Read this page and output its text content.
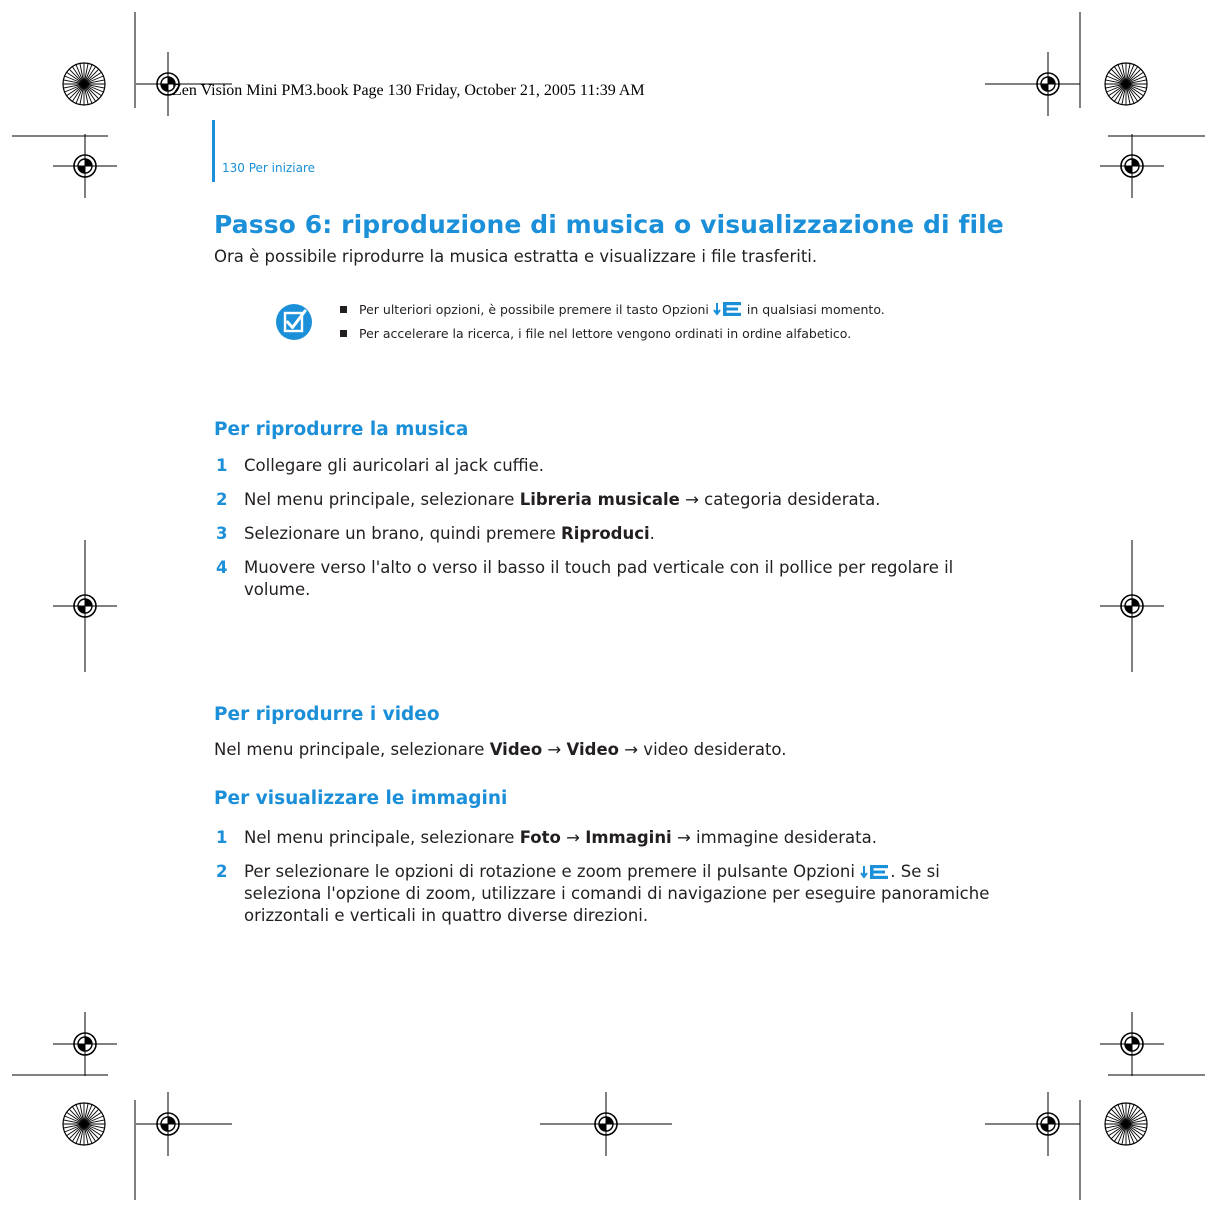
Zen Vision Mini PM3.book Page 130 Friday, October 21, 2005 11:39 AM
130 Per iniziare
Passo 6: riproduzione di musica o visualizzazione di file
Ora è possibile riprodurre la musica estratta e visualizzare i file trasferiti.
Per ulteriori opzioni, è possibile premere il tasto Opzioni	in qualsiasi momento.
Per accelerare la ricerca, i file nel lettore vengono ordinati in ordine alfabetico.
Per riprodurre la musica
1 Collegare gli auricolari al jack cuffie.
2 Nel menu principale, selezionare Libreria musicale → categoria desiderata.
3 Selezionare un brano, quindi premere Riproduci.
4 Muovere verso l'alto o verso il basso il touch pad verticale con il pollice per regolare il volume.
Per riprodurre i video
Nel menu principale, selezionare Video → Video → video desiderato.
Per visualizzare le immagini
1 Nel menu principale, selezionare Foto → Immagini → immagine desiderata.
2 Per selezionare le opzioni di rotazione e zoom premere il pulsante Opzioni . Se si seleziona l'opzione di zoom, utilizzare i comandi di navigazione per eseguire panoramiche orizzontali e verticali in quattro diverse direzioni.
